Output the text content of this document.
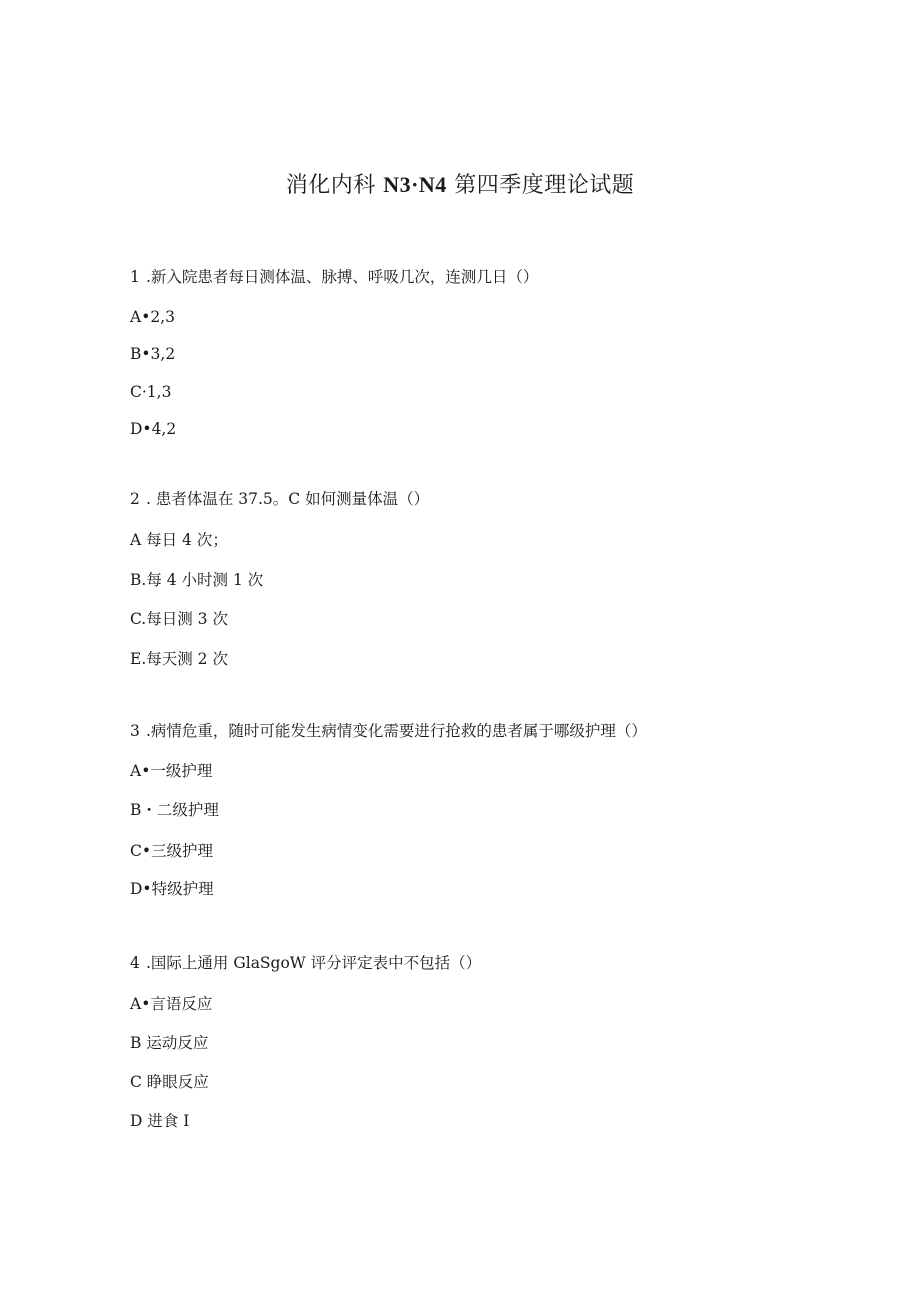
消化内科 N3·N4 第四季度理论试题
1 .新入院患者每日测体温、脉搏、呼吸几次，连测几日（）
A•2,3
B•3,2
C·1,3
D•4,2
2 . 患者体温在 37.5。C 如何测量体温（）
A 每日 4 次；
B.每 4 小时测 1 次
C.每日测 3 次
E.每天测 2 次
3 .病情危重，随时可能发生病情变化需要进行抢救的患者属于哪级护理（）
A•一级护理
B・二级护理
C•三级护理
D•特级护理
4 .国际上通用 GlaSgoW 评分评定表中不包括（）
A•言语反应
B 运动反应
C 睁眼反应
D 进食 I
